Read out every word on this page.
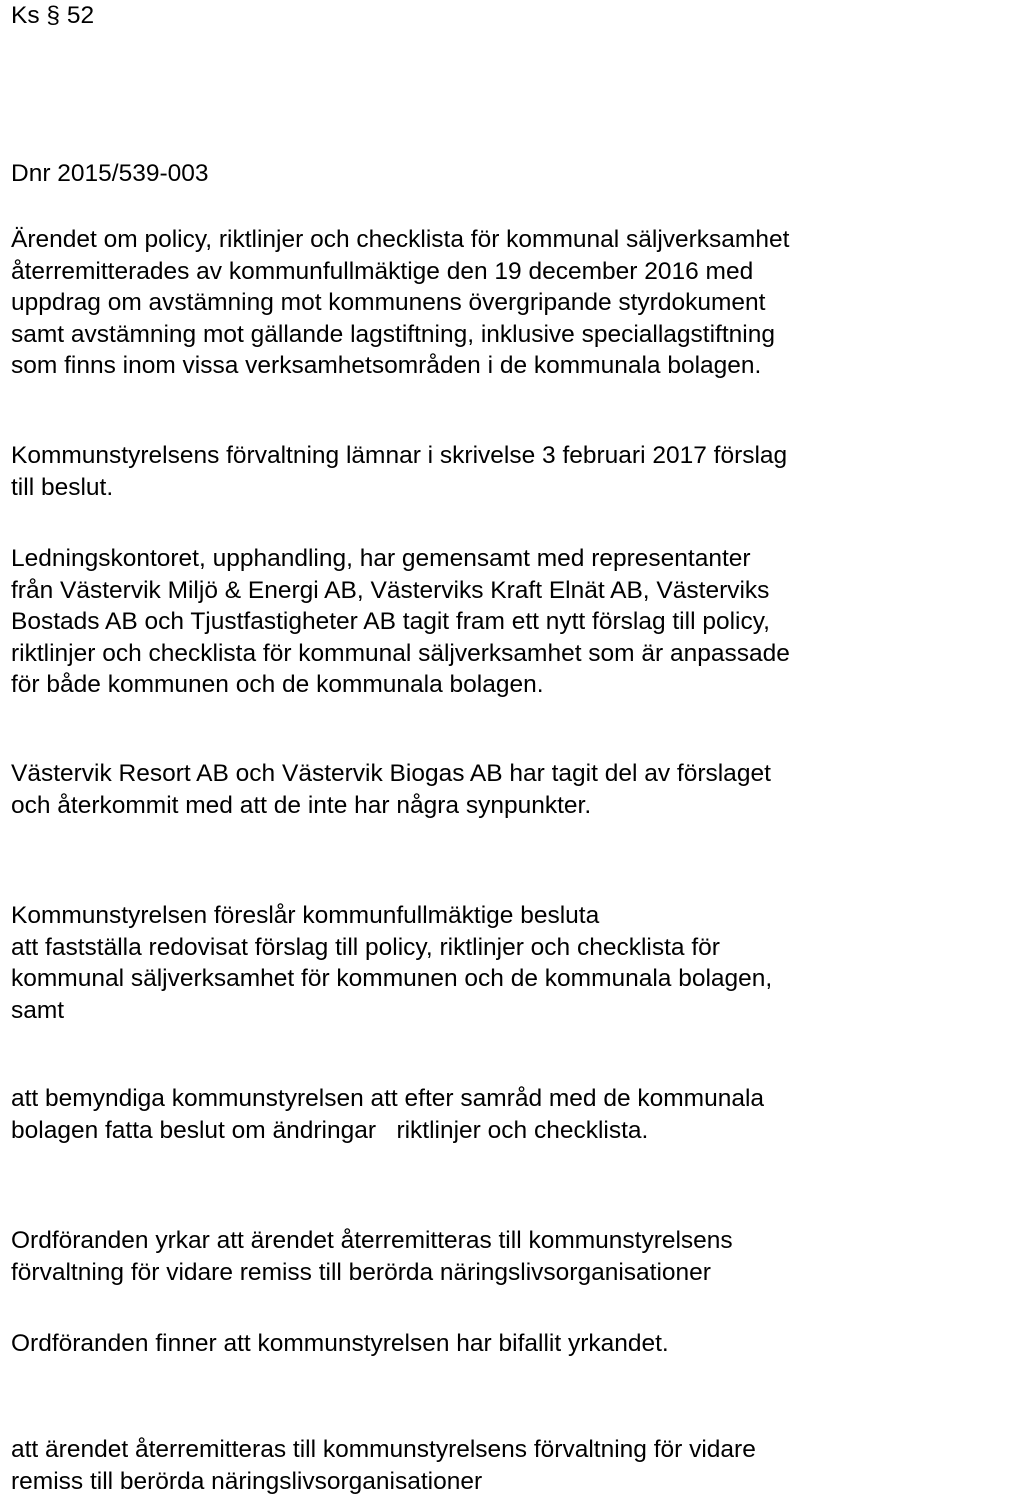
Ks § 52
Dnr 2015/539-003
Ärendet om policy, riktlinjer och checklista för kommunal säljverksamhet
återremitterades av kommunfullmäktige den 19 december 2016 med
uppdrag om avstämning mot kommunens övergripande styrdokument
samt avstämning mot gällande lagstiftning, inklusive speciallagstiftning
som finns inom vissa verksamhetsområden i de kommunala bolagen.
Kommunstyrelsens förvaltning lämnar i skrivelse 3 februari 2017 förslag
till beslut.
Ledningskontoret, upphandling, har gemensamt med representanter
från Västervik Miljö & Energi AB, Västerviks Kraft Elnät AB, Västerviks
Bostads AB och Tjustfastigheter AB tagit fram ett nytt förslag till policy,
riktlinjer och checklista för kommunal säljverksamhet som är anpassade
för både kommunen och de kommunala bolagen.
Västervik Resort AB och Västervik Biogas AB har tagit del av förslaget
och återkommit med att de inte har några synpunkter.
Kommunstyrelsen föreslår kommunfullmäktige besluta
att fastställa redovisat förslag till policy, riktlinjer och checklista för
kommunal säljverksamhet för kommunen och de kommunala bolagen,
samt
att bemyndiga kommunstyrelsen att efter samråd med de kommunala
bolagen fatta beslut om ändringar   riktlinjer och checklista.
Ordföranden yrkar att ärendet återremitteras till kommunstyrelsens
förvaltning för vidare remiss till berörda näringslivsorganisationer
Ordföranden finner att kommunstyrelsen har bifallit yrkandet.
att ärendet återremitteras till kommunstyrelsens förvaltning för vidare
remiss till berörda näringslivsorganisationer
